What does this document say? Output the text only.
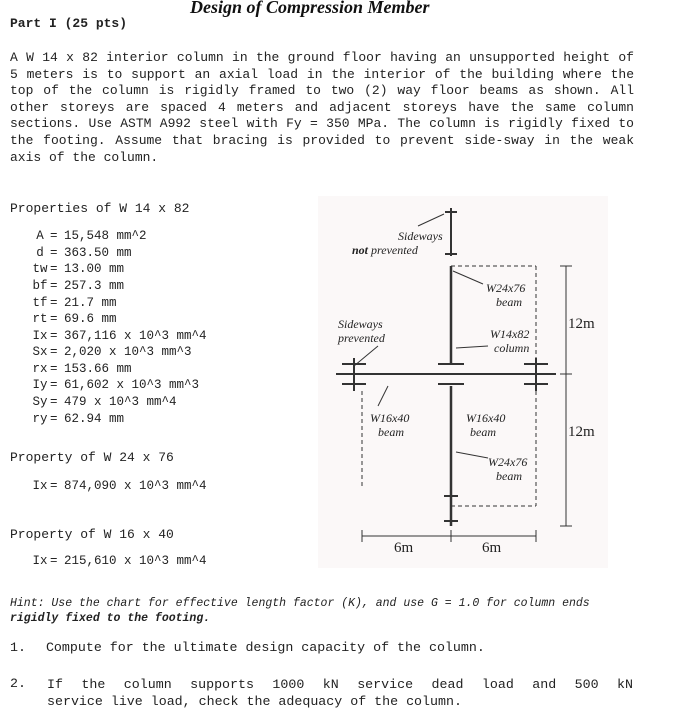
Design of Compression Member
Part I (25 pts)
A W 14 x 82 interior column in the ground floor having an unsupported height of 5 meters is to support an axial load in the interior of the building where the top of the column is rigidly framed to two (2) way floor beams as shown. All other storeys are spaced 4 meters and adjacent storeys have the same column sections. Use ASTM A992 steel with Fy = 350 MPa. The column is rigidly fixed to the footing. Assume that bracing is provided to prevent side-sway in the weak axis of the column.
Properties of W 14 x 82
A = 15,548 mm^2
d = 363.50 mm
tw = 13.00 mm
bf = 257.3 mm
tf = 21.7 mm
rt = 69.6 mm
Ix = 367,116 x 10^3 mm^4
Sx = 2,020 x 10^3 mm^3
rx = 153.66 mm
Iy = 61,602 x 10^3 mm^3
Sy = 479 x 10^3 mm^4
ry = 62.94 mm
Property of W 24 x 76
Ix = 874,090 x 10^3 mm^4
Property of W 16 x 40
Ix = 215,610 x 10^3 mm^4
Hint: Use the chart for effective length factor (K), and use G = 1.0 for column ends
rigidly fixed to the footing.
1. Compute for the ultimate design capacity of the column.
2. If the column supports 1000 kN service dead load and 500 kN
service live load, check the adequacy of the column.
Sideways
not prevented
Sideways
prevented
W24x76
beam
W14x82
column
W16x40
beam
W16x40
beam
W24x76
beam
12m
12m
6m	6m
